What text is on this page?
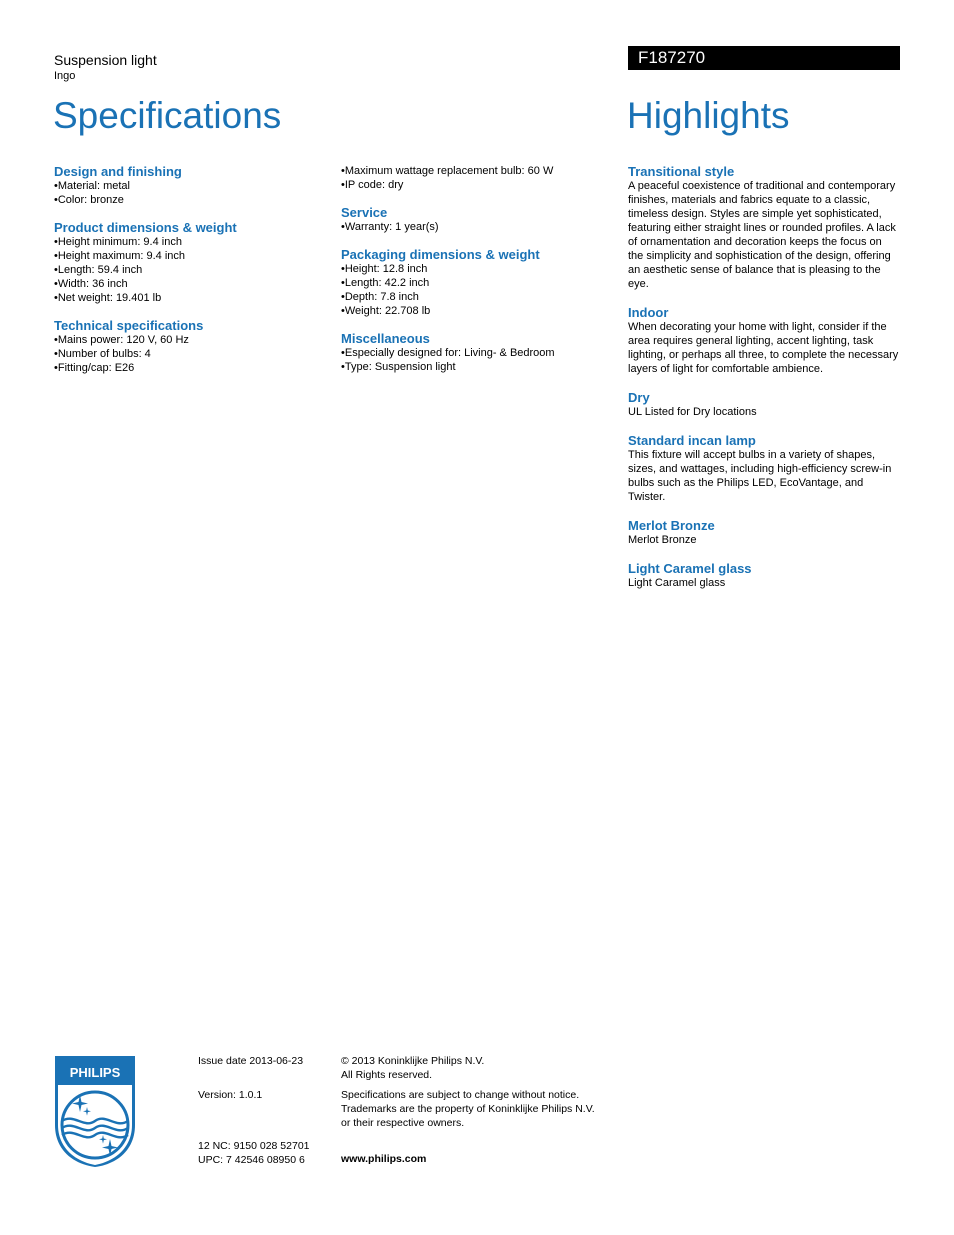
Suspension light
Ingo
F187270
Specifications	Highlights
Design and finishing
• Material: metal
• Color: bronze
Product dimensions & weight
• Height minimum: 9.4 inch
• Height maximum: 9.4 inch
• Length: 59.4 inch
• Width: 36 inch
• Net weight: 19.401 lb
Technical specifications
• Mains power: 120 V, 60 Hz
• Number of bulbs: 4
• Fitting/cap: E26
• Maximum wattage replacement bulb: 60 W
• IP code: dry
Service
• Warranty: 1 year(s)
Packaging dimensions & weight
• Height: 12.8 inch
• Length: 42.2 inch
• Depth: 7.8 inch
• Weight: 22.708 lb
Miscellaneous
• Especially designed for: Living- & Bedroom
• Type: Suspension light
Transitional style

A peaceful coexistence of traditional and contemporary finishes, materials and fabrics equate to a classic, timeless design. Styles are simple yet sophisticated, featuring either straight lines or rounded profiles. A lack of ornamentation and decoration keeps the focus on the simplicity and sophistication of the design, offering an aesthetic sense of balance that is pleasing to the eye.

Indoor

When decorating your home with light, consider if the area requires general lighting, accent lighting, task lighting, or perhaps all three, to complete the necessary layers of light for comfortable ambience.

Dry

UL Listed for Dry locations

Standard incan lamp

This fixture will accept bulbs in a variety of shapes, sizes, and wattages, including high-efficiency screw-in bulbs such as the Philips LED, EcoVantage, and Twister.

Merlot Bronze

Merlot Bronze

Light Caramel glass

Light Caramel glass

PHILIPS
Issue date 2013-06-23
Version: 1.0.1
12 NC: 9150 028 52701
UPC: 7 42546 08950 6
© 2013 Koninklijke Philips N.V.
All Rights reserved.
Specifications are subject to change without notice.
Trademarks are the property of Koninklijke Philips N.V.
or their respective owners.
www.philips.com
